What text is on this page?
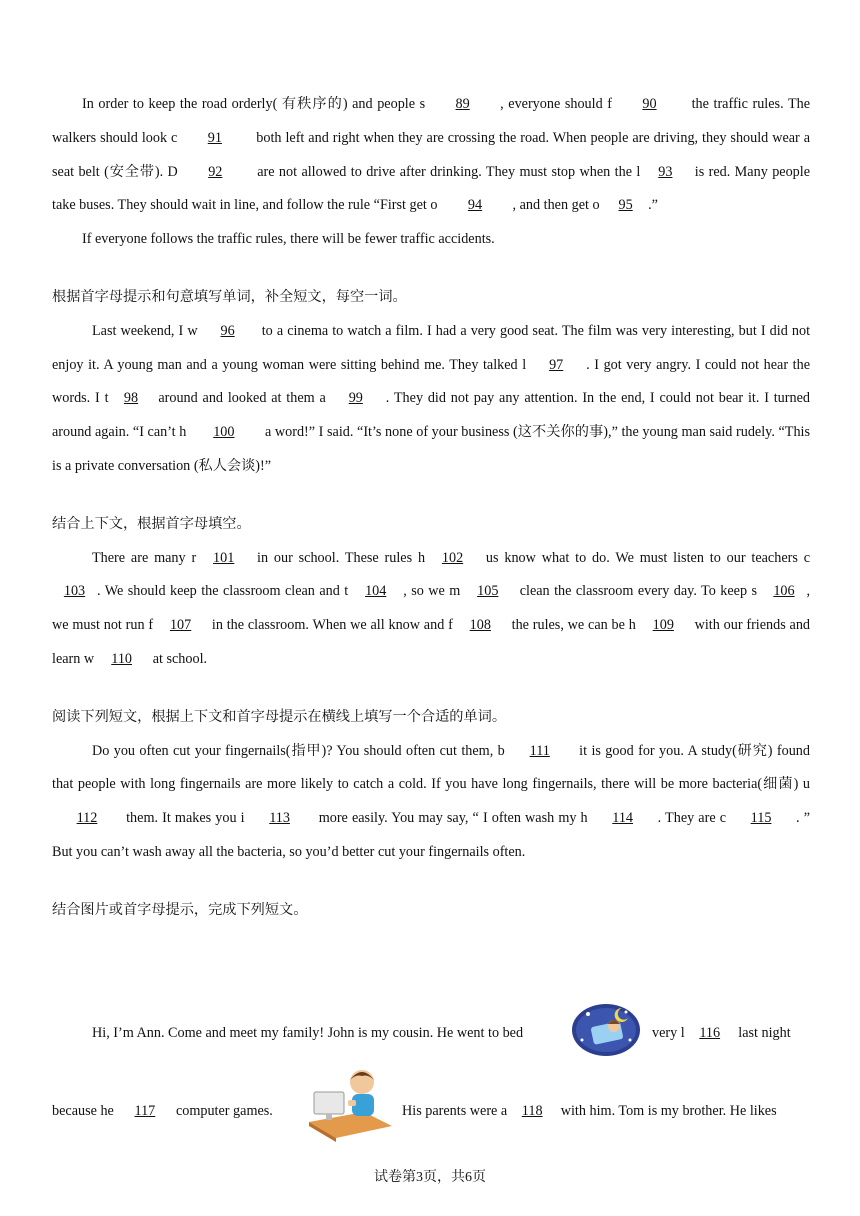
In order to keep the road orderly( 有秩序的) and people s 89 , everyone should f 90 the traffic rules. The walkers should look c 91 both left and right when they are crossing the road. When people are driving, they should wear a seat belt (安全带). D 92 are not allowed to drive after drinking. They must stop when the l 93 is red. Many people take buses. They should wait in line, and follow the rule “First get o 94 , and then get o 95 .”

If everyone follows the traffic rules, there will be fewer traffic accidents.

根据首字母提示和句意填写单词，补全短文，每空一词。

Last weekend, I w 96 to a cinema to watch a film. I had a very good seat. The film was very interesting, but I did not enjoy it. A young man and a young woman were sitting behind me. They talked l 97 . I got very angry. I could not hear the words. I t 98 around and looked at them a 99 . They did not pay any attention. In the end, I could not bear it. I turned around again. “I can’t h 100 a word!” I said. “It’s none of your business (这不关你的事),” the young man said rudely. “This is a private conversation (私人会谈)!”

结合上下文，根据首字母填空。

There are many r 101 in our school. These rules h 102 us know what to do. We must listen to our teachers c 103 . We should keep the classroom clean and t 104 , so we m 105 clean the classroom every day. To keep s 106 , we must not run f 107 in the classroom. When we all know and f 108 the rules, we can be h 109 with our friends and learn w 110 at school.

阅读下列短文，根据上下文和首字母提示在横线上填写一个合适的单词。

Do you often cut your fingernails(指甲)? You should often cut them, b 111 it is good for you. A study(研究) found that people with long fingernails are more likely to catch a cold. If you have long fingernails, there will be more bacteria(细菌) u112 them. It makes you i 113 more easily. You may say, “ I often wash my h 114 . They are c 115 . ” But you can’t wash away all the bacteria, so you’d better cut your fingernails often.

结合图片或首字母提示，完成下列短文。

Hi, I’m Ann. Come and meet my family! John is my cousin. He went to bed	very l 116 last night
because he 117 computer games.	His parents were a 118 with him. Tom is my brother. He likes
试卷第3页，共6页
